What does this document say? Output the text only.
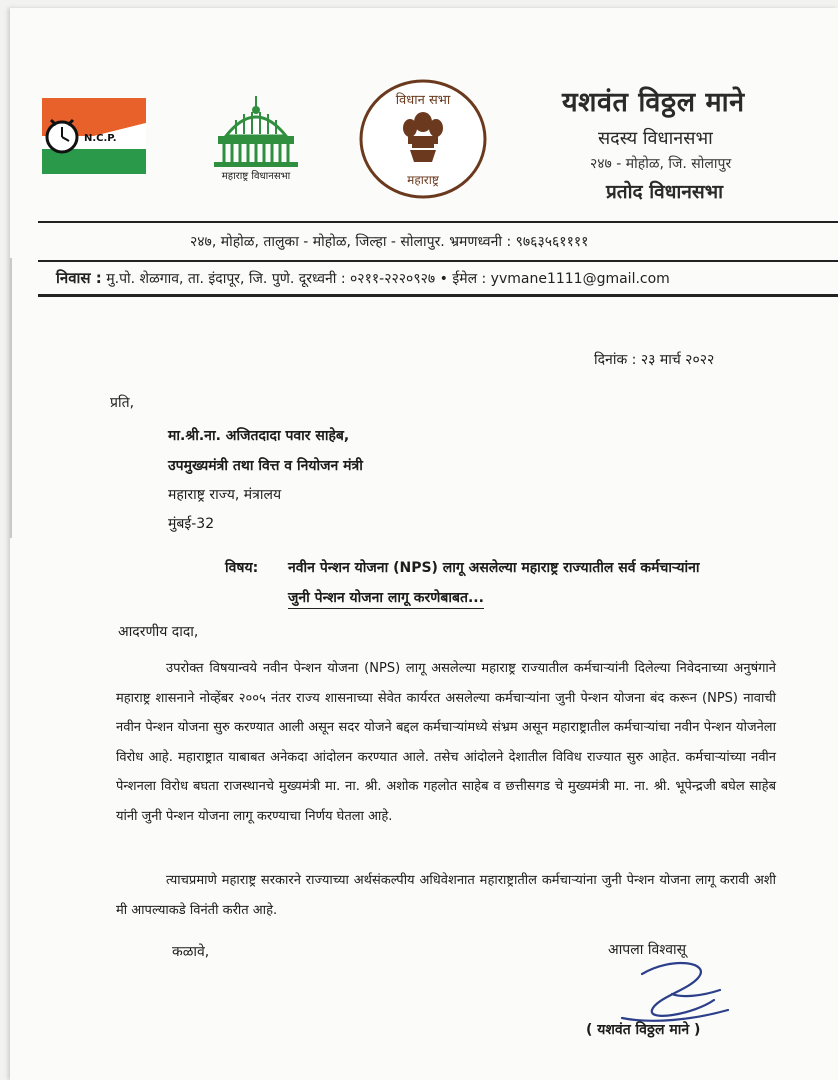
N.C.P.
महाराष्ट्र विधानसभा
विधान सभा
महाराष्ट्र
यशवंत विठ्ठल माने
सदस्य विधानसभा
२४७ - मोहोळ, जि. सोलापुर
प्रतोद विधानसभा
२४७, मोहोळ, तालुका - मोहोळ, जिल्हा - सोलापुर. भ्रमणध्वनी : ९७६३५६११११
निवास : मु.पो. शेळगाव, ता. इंदापूर, जि. पुणे. दूरध्वनी : ०२११-२२२०९२७ • ईमेल : yvmane1111@gmail.com
दिनांक : २३ मार्च २०२२
प्रति,
मा.श्री.ना. अजितदादा पवार साहेब,
उपमुख्यमंत्री तथा वित्त व नियोजन मंत्री
महाराष्ट्र राज्य, मंत्रालय
मुंबई-32
विषय: नवीन पेन्शन योजना (NPS) लागू असलेल्या महाराष्ट्र राज्यातील सर्व कर्मचाऱ्यांना
जुनी पेन्शन योजना लागू करणेबाबत...
आदरणीय दादा,
उपरोक्त विषयान्वये नवीन पेन्शन योजना (NPS) लागू असलेल्या महाराष्ट्र राज्यातील कर्मचाऱ्यांनी दिलेल्या निवेदनाच्या अनुषंगाने महाराष्ट्र शासनाने नोव्हेंबर २००५ नंतर राज्य शासनाच्या सेवेत कार्यरत असलेल्या कर्मचाऱ्यांना जुनी पेन्शन योजना बंद करून (NPS) नावाची नवीन पेन्शन योजना सुरु करण्यात आली असून सदर योजने बद्दल कर्मचाऱ्यांमध्ये संभ्रम असून महाराष्ट्रातील कर्मचाऱ्यांचा नवीन पेन्शन योजनेला विरोध आहे. महाराष्ट्रात याबाबत अनेकदा आंदोलन करण्यात आले. तसेच आंदोलने देशातील विविध राज्यात सुरु आहेत. कर्मचाऱ्यांच्या नवीन पेन्शनला विरोध बघता राजस्थानचे मुख्यमंत्री मा. ना. श्री. अशोक गहलोत साहेब व छत्तीसगड चे मुख्यमंत्री मा. ना. श्री. भूपेन्द्रजी बघेल साहेब यांनी जुनी पेन्शन योजना लागू करण्याचा निर्णय घेतला आहे.
त्याचप्रमाणे महाराष्ट्र सरकारने राज्याच्या अर्थसंकल्पीय अधिवेशनात महाराष्ट्रातील कर्मचाऱ्यांना जुनी पेन्शन योजना लागू करावी अशी मी आपल्याकडे विनंती करीत आहे.
कळावे,	आपला विश्वासू
( यशवंत विठ्ठल माने )
